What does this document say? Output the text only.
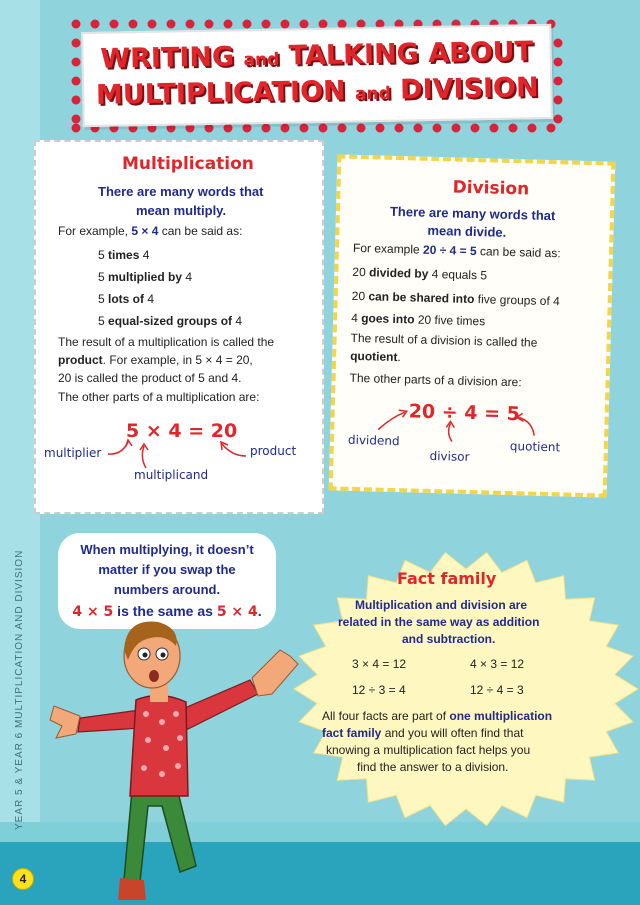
WRITING and TALKING ABOUT
MULTIPLICATION and DIVISION
Multiplication
There are many words that
mean multiply.
For example, 5 × 4 can be said as:
5 times 4
5 multiplied by 4
5 lots of 4
5 equal-sized groups of 4
The result of a multiplication is called the
product. For example, in 5 × 4 = 20,
20 is called the product of 5 and 4.
The other parts of a multiplication are:
5 × 4 = 20
multiplier
multiplicand
product
Division
There are many words that
mean divide.
For example 20 ÷ 4 = 5 can be said as:
20 divided by 4 equals 5
20 can be shared into five groups of 4
4 goes into 20 five times
The result of a division is called the
quotient.
The other parts of a division are:
20 ÷ 4 = 5
dividend
divisor
quotient
When multiplying, it doesn’t
matter if you swap the
numbers around.
4 × 5 is the same as 5 × 4.
Fact family
Multiplication and division are
related in the same way as addition
and subtraction.
3 × 4 = 12	4 × 3 = 12
12 ÷ 3 = 4	12 ÷ 4 = 3
All four facts are part of one multiplication
fact family and you will often find that
knowing a multiplication fact helps you
find the answer to a division.
YEAR 5 & YEAR 6 MULTIPLICATION AND DIVISION
4
